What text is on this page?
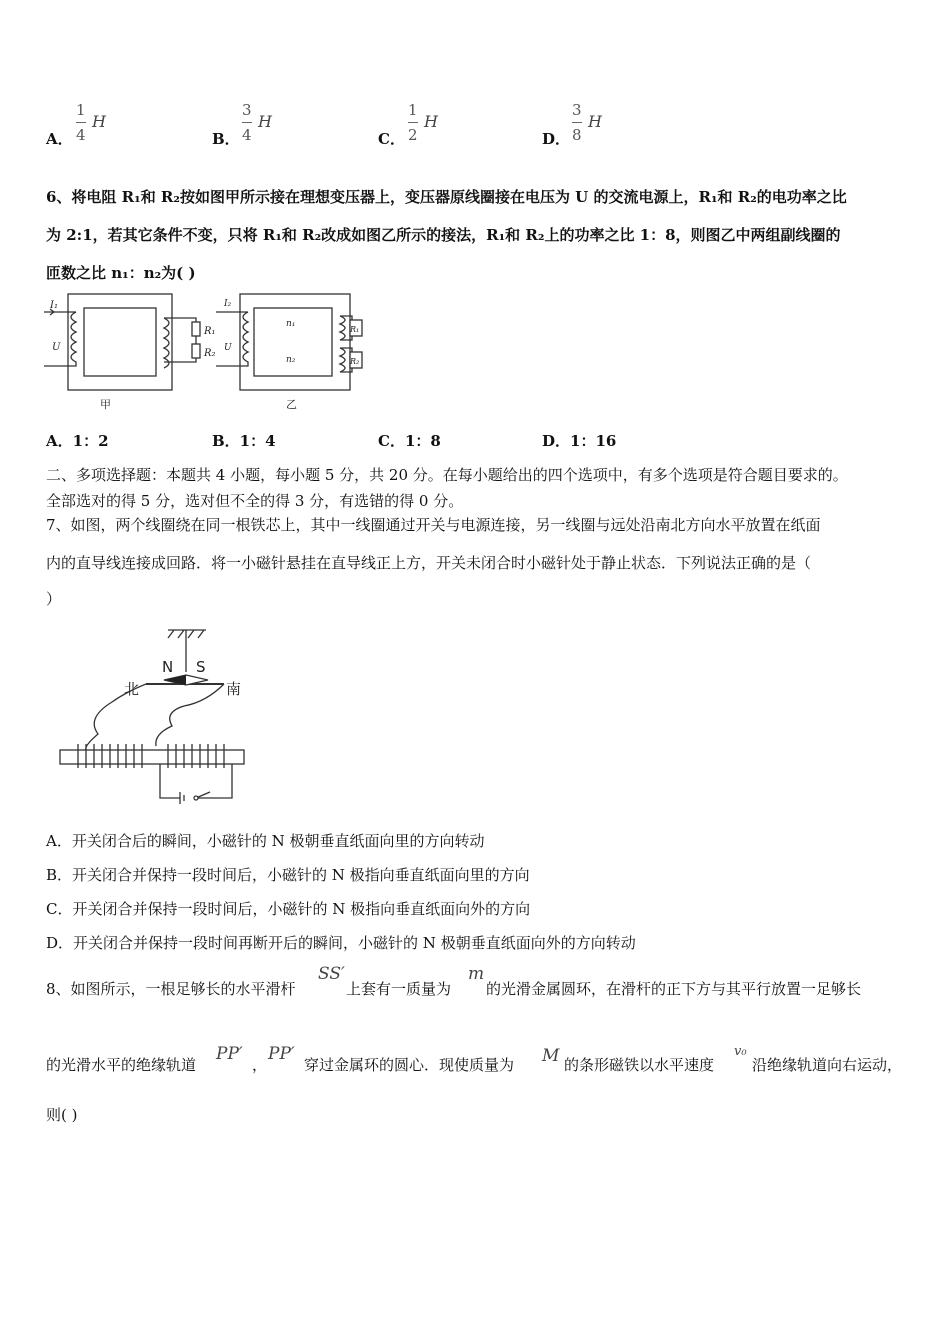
A．
1
4
H
B．
3
4
H
C．
1
2
H
D．
3
8
H
6、将电阻 R₁和 R₂按如图甲所示接在理想变压器上，变压器原线圈接在电压为 U 的交流电源上，R₁和 R₂的电功率之比
为 2:1，若其它条件不变，只将 R₁和 R₂改成如图乙所示的接法，R₁和 R₂上的功率之比 1：8，则图乙中两组副线圈的
匝数之比 n₁：n₂为( )
I₁
U
R₁
R₂
甲
I₂
U
n₁
n₂
R₁
R₂
乙
A．1：2	B．1：4	C．1：8	D．1：16
二、多项选择题：本题共 4 小题，每小题 5 分，共 20 分。在每小题给出的四个选项中，有多个选项是符合题目要求的。
全部选对的得 5 分，选对但不全的得 3 分，有选错的得 0 分。
7、如图，两个线圈绕在同一根铁芯上，其中一线圈通过开关与电源连接，另一线圈与远处沿南北方向水平放置在纸面
内的直导线连接成回路．将一小磁针悬挂在直导线正上方，开关未闭合时小磁针处于静止状态．下列说法正确的是（
）
N S
北	南
A．开关闭合后的瞬间，小磁针的 N 极朝垂直纸面向里的方向转动
B．开关闭合并保持一段时间后，小磁针的 N 极指向垂直纸面向里的方向
C．开关闭合并保持一段时间后，小磁针的 N 极指向垂直纸面向外的方向
D．开关闭合并保持一段时间再断开后的瞬间，小磁针的 N 极朝垂直纸面向外的方向转动
8、如图所示，一根足够长的水平滑杆
SS′
上套有一质量为
m
的光滑金属圆环，在滑杆的正下方与其平行放置一足够长
的光滑水平的绝缘轨道
PP′
，
PP′
穿过金属环的圆心．现使质量为 M 的条形磁铁以水平速度
v₀
沿绝缘轨道向右运动，
则( )
